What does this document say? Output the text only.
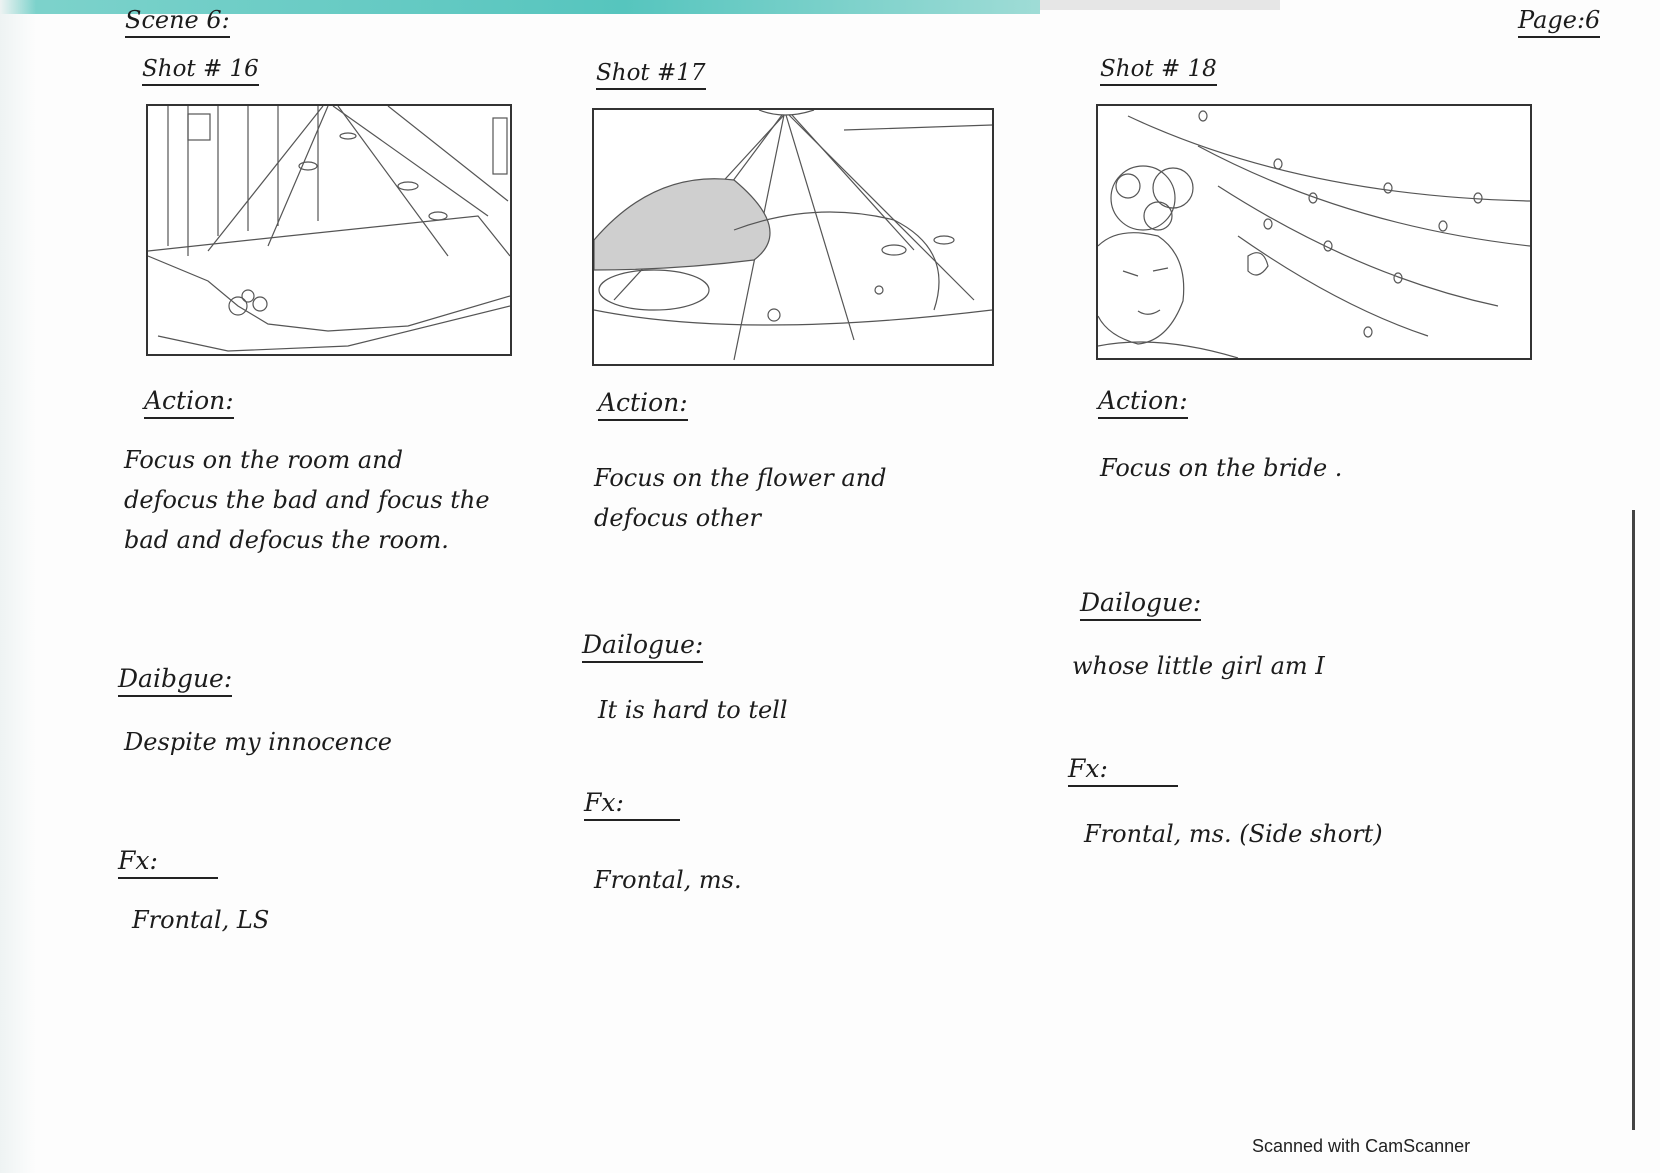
Scene 6:	Page:6
Shot # 16
Action:
Focus on the room and defocus the bad and focus the bad and defocus the room.
Daibgue:
Despite my innocence
Fx:
Frontal, LS
Shot #17
Action:
Focus on the flower and defocus other
Dailogue:
It is hard to tell
Fx:
Frontal, ms.
Shot # 18
Action:
Focus on the bride .
Dailogue:
whose little girl am I
Fx:
Frontal, ms. (Side short)
Scanned with CamScanner
